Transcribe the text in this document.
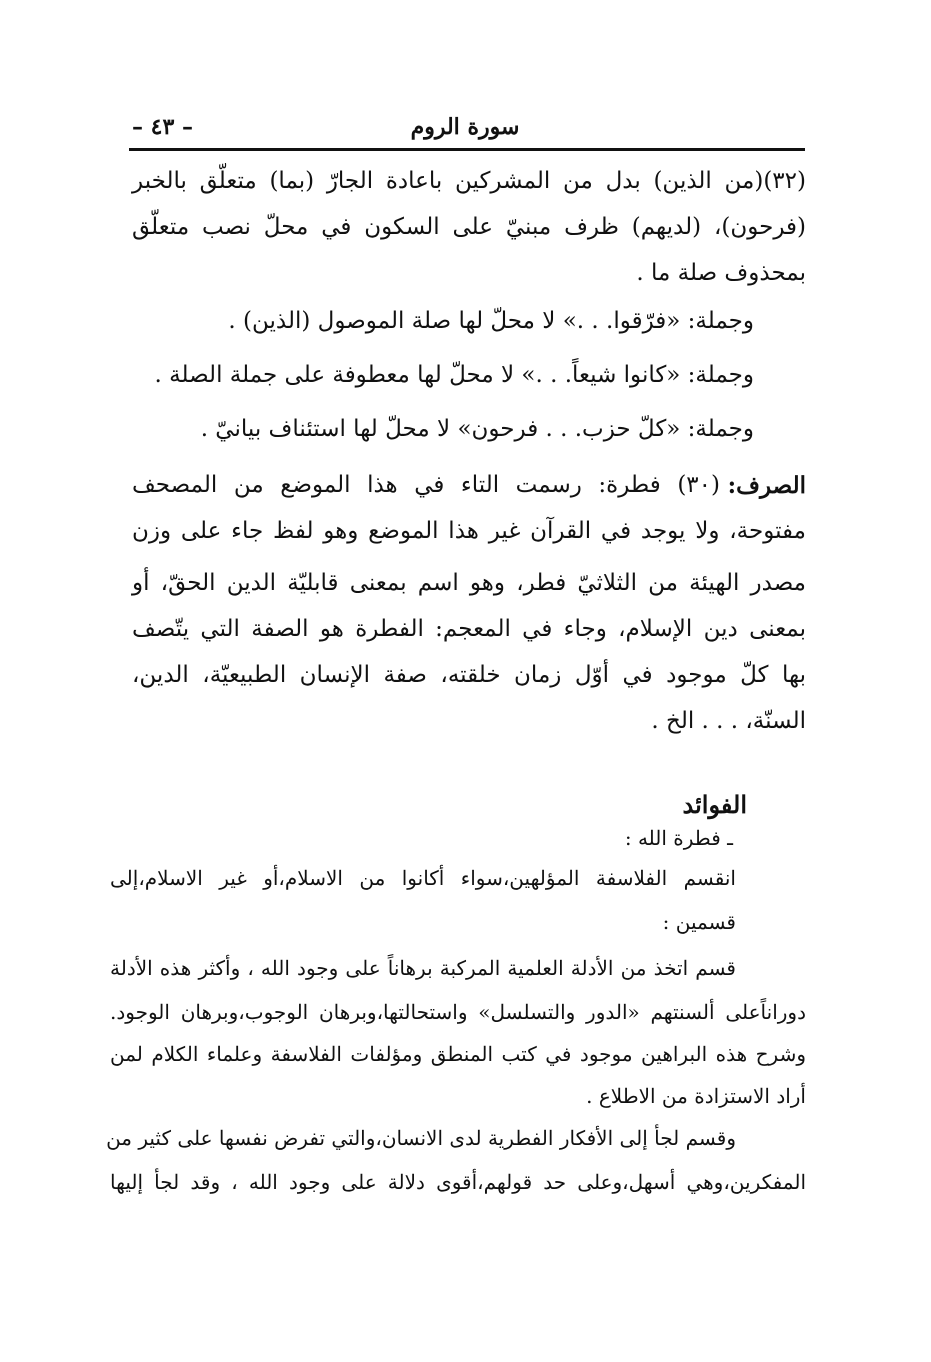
سورة الروم
– ٤٣ –
(٣٢)(من الذين) بدل من المشركين باعادة الجارّ (بما) متعلّق بالخبر
(فرحون)، (لديهم) ظرف مبنيّ على السكون في محلّ نصب متعلّق
بمحذوف صلة ما .
وجملة: «فرّقوا. . .» لا محلّ لها صلة الموصول (الذين) .
وجملة: «كانوا شيعاً. . .» لا محلّ لها معطوفة على جملة الصلة .
وجملة: «كلّ حزب. . . فرحون» لا محلّ لها استئناف بيانيّ .
الصرف:
(٣٠) فطرة: رسمت التاء في هذا الموضع من المصحف
مفتوحة، ولا يوجد في القرآن غير هذا الموضع وهو لفظ جاء على وزن
مصدر الهيئة من الثلاثيّ فطر، وهو اسم بمعنى قابليّة الدين الحقّ، أو
بمعنى دين الإسلام، وجاء في المعجم: الفطرة هو الصفة التي يتّصف
بها كلّ موجود في أوّل زمان خلقته، صفة الإنسان الطبيعيّة، الدين،
السنّة، . . . الخ .
الفوائد
ـ فطرة الله :
انقسم الفلاسفة المؤلهين،سواء أكانوا من الاسلام،أو غير الاسلام،إلى
قسمين :
قسم اتخذ من الأدلة العلمية المركبة برهاناً على وجود الله ، وأكثر هذه الأدلة
دوراناًعلى ألسنتهم «الدور والتسلسل» واستحالتها،وبرهان الوجوب،وبرهان الوجود.
وشرح هذه البراهين موجود في كتب المنطق ومؤلفات الفلاسفة وعلماء الكلام لمن
أراد الاستزادة من الاطلاع .
وقسم لجأ إلى الأفكار الفطرية لدى الانسان،والتي تفرض نفسها على كثير من
المفكرين،وهي أسهل،وعلى حد قولهم،أقوى دلالة على وجود الله ، وقد لجأ إليها
